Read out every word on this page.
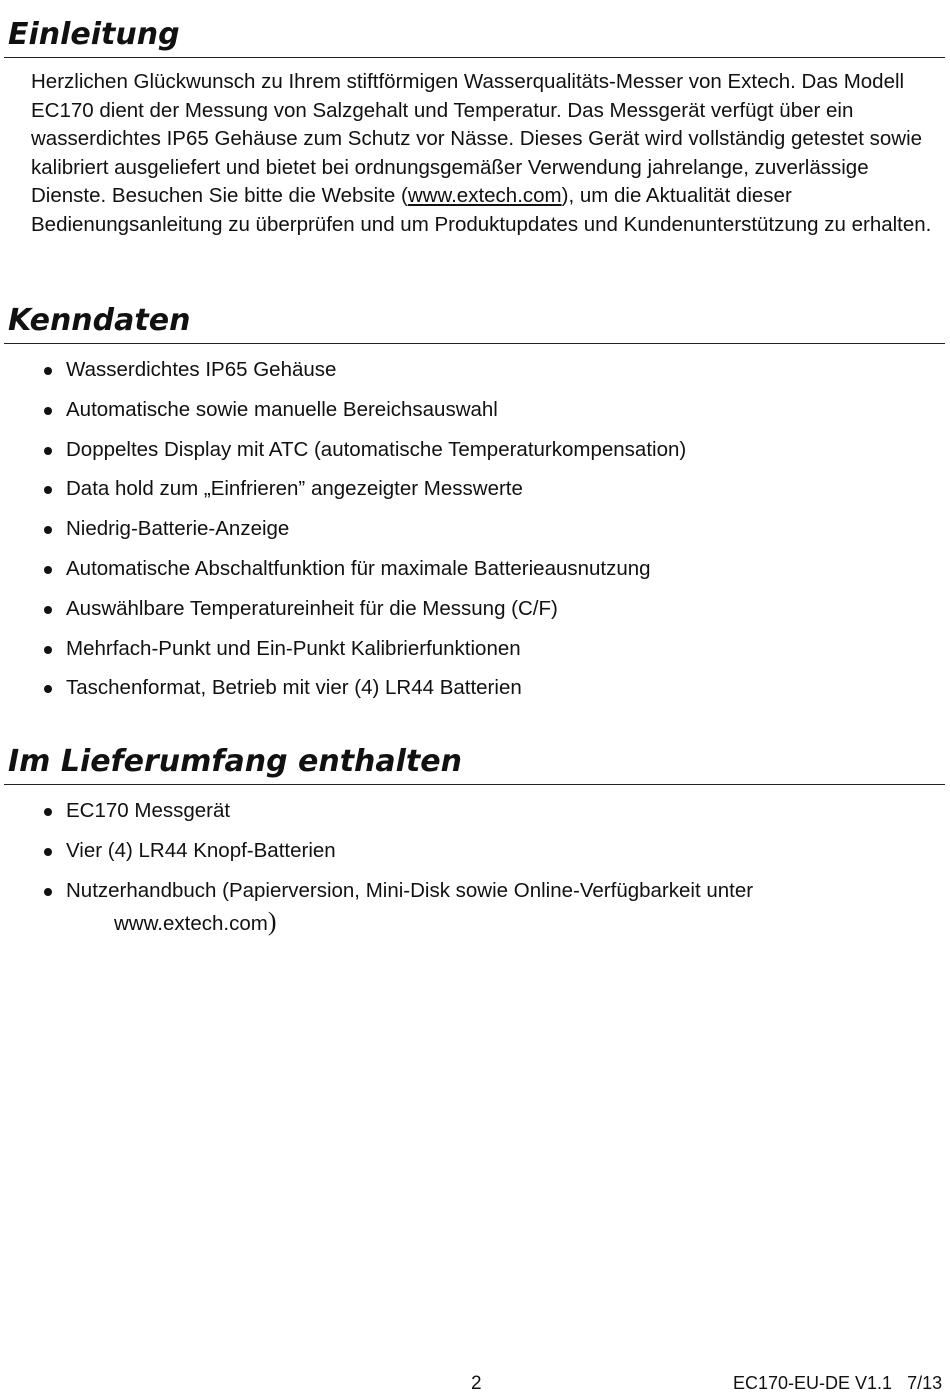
Einleitung

Herzlichen Glückwunsch zu Ihrem stiftförmigen Wasserqualitäts-Messer von Extech. Das Modell EC170 dient der Messung von Salzgehalt und Temperatur. Das Messgerät verfügt über ein wasserdichtes IP65 Gehäuse zum Schutz vor Nässe. Dieses Gerät wird vollständig getestet sowie kalibriert ausgeliefert und bietet bei ordnungsgemäßer Verwendung jahrelange, zuverlässige Dienste. Besuchen Sie bitte die Website (www.extech.com), um die Aktualität dieser Bedienungsanleitung zu überprüfen und um Produktupdates und Kundenunterstützung zu erhalten.

Kenndaten
Wasserdichtes IP65 Gehäuse
Automatische sowie manuelle Bereichsauswahl
Doppeltes Display mit ATC (automatische Temperaturkompensation)
Data hold zum „Einfrieren” angezeigter Messwerte
Niedrig-Batterie-Anzeige
Automatische Abschaltfunktion für maximale Batterieausnutzung
Auswählbare Temperatureinheit für die Messung (C/F)
Mehrfach-Punkt und Ein-Punkt Kalibrierfunktionen
Taschenformat, Betrieb mit vier (4) LR44 Batterien
Im Lieferumfang enthalten
EC170 Messgerät
Vier (4) LR44 Knopf-Batterien
Nutzerhandbuch (Papierversion, Mini-Disk sowie Online-Verfügbarkeit unter
www.extech.com)
2	EC170-EU-DE V1.1   7/13
